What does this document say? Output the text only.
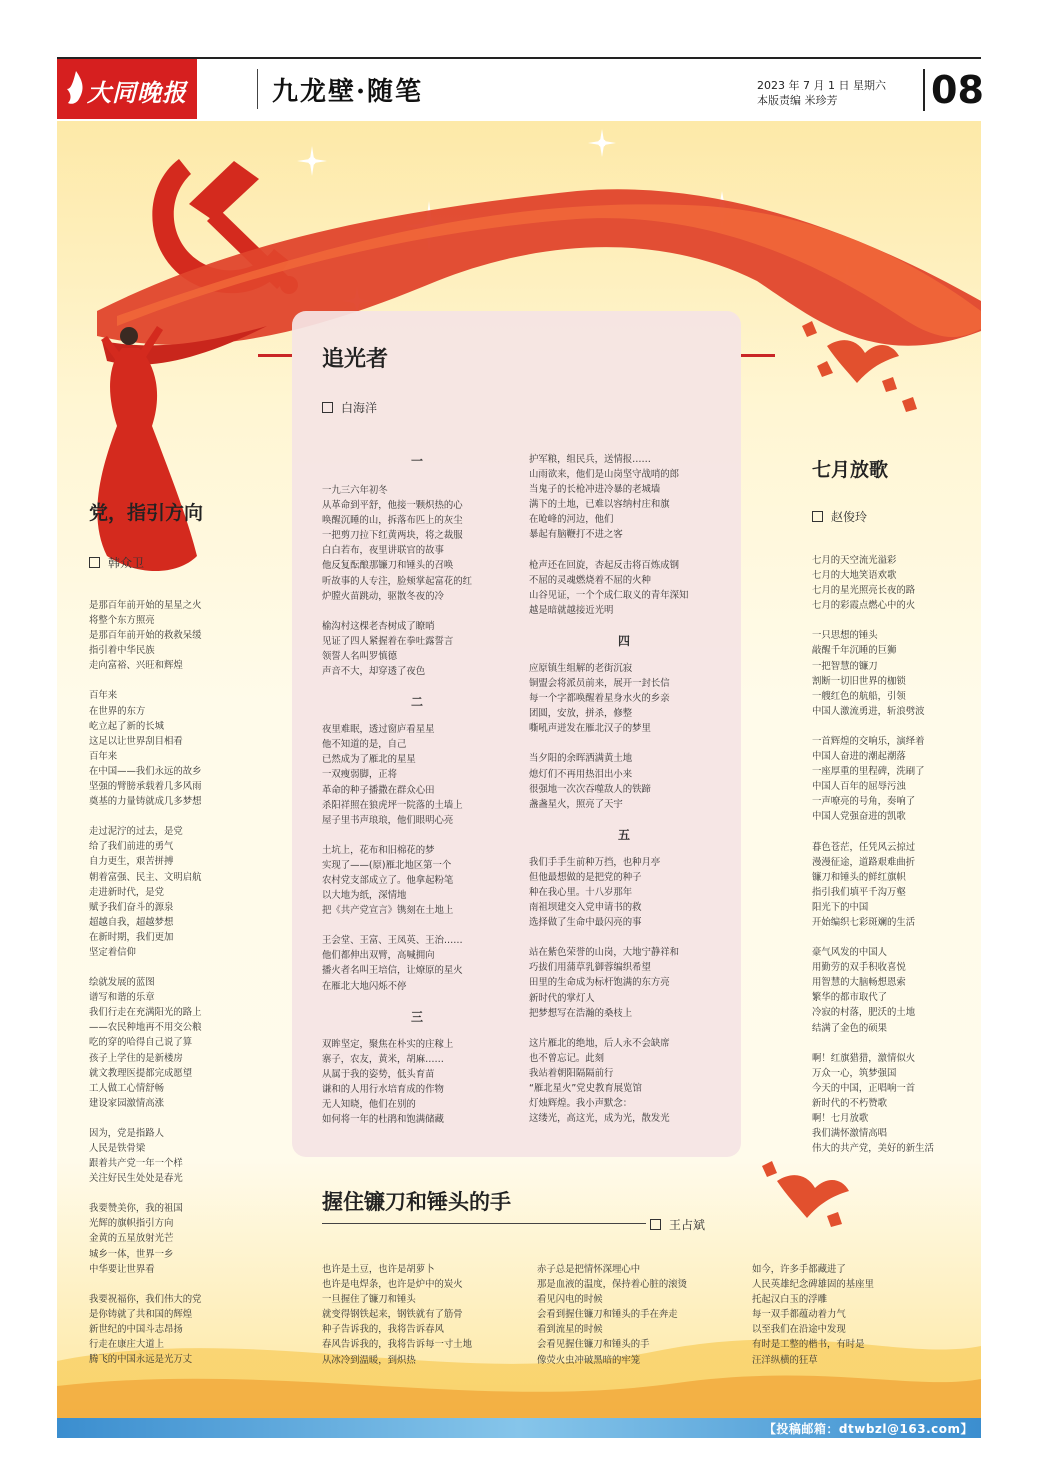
大同晚报	九龙壁·随笔	2023 年 7 月 1 日 星期六
本版责编 米珍芳 08
【投稿邮箱：dtwbzl@163.com】
追光者
白海洋
一
一九三六年初冬
从革命到平舒，他接一颗炽热的心
唤醒沉睡的山，拆落布匹上的灰尘
一把剪刀拉下红黄两块，将之裁服
白白若布，夜里讲联官的故事
他反复酝酿那镰刀和锤头的召唤
听故事的人专注，脸颊掌起富花的红
炉膛火苗跳动，驱散冬夜的冷
榆沟村这棵老杏树成了瞭哨
见证了四人紧握着在拳吐露誓言
领誓人名叫罗慎德
声音不大，却穿透了夜色
二
夜里难眠，透过窗庐看星星
他不知道的是，自己
已然成为了雁北的星星
一双瘦弱脚，正将
革命的种子播撒在群众心田
杀阳祥照在狼虎坪一院落的土墙上
屋子里书声琅琅，他们眼明心亮
土坑上，花布和旧棉花的梦
实现了——(原)雁北地区第一个
农村党支部成立了。他拿起粉笔
以大地为纸，深情地
把《共产党宣言》镌刻在土地上
王会堂、王富、王凤英、王治……
他们都伸出双臂，高喊拥向
播火者名叫王培信，让燎原的星火
在雁北大地闪烁不停
三
双眸坚定，聚焦在朴实的庄稼上
寨子，农友，黄米，胡麻……
从属于我的姿势，低头育苗
谦和的人用行水培育成的作物
无人知晓，他们在别的
如何将一年的杜鹃和饱满储藏
护军粮，组民兵，送情报……
山雨欲来，他们是山岗坚守战哨的郎
当鬼子的长枪冲进冷暴的老城墙
满下的土地，已难以容纳村庄和旗
在呛峰的河边，他们
暴起有脑鞭打不进之客
枪声还在回旋，杏起反击将百炼成钢
不屈的灵魂燃烧着不屈的火种
山谷见证，一个个成仁取义的青年深知
越是暗就越接近光明
四
应原镇生组解的老街沉寂
铜盟会将派员前来，展开一封长信
每一个字都唤醒着星身水火的乡亲
团圆，安放，拼杀，修整
嘶吼声迸发在雁北汉子的梦里
当夕阳的余晖洒满黄土地
熄灯们不再用热泪出小来
很强地一次次吞噬敌人的铁蹄
盏盏星火，照亮了天宇
五
我们手手生前种万挡，也种月亭
但他最想做的是把党的种子
种在我心里。十八岁那年
南祖坝建交入党申请书的救
选择做了生命中最闪亮的事
站在紫色荣誉的山岗，大地宁静祥和
巧拔们用蒲草乳御蓉编织希望
田里的生命成为标杆饱满的东方亮
新时代的掌灯人
把梦想写在浩瀚的桑枝上
这片雁北的绝地，后人永不会缺席
也不曾忘记。此刻
我站着朝阳隔隔前行
“雁北星火”党史教育展览馆
灯烛辉煌。我小声默念：
这缕光，高这光，成为光，散发光
党，指引方向
韩众卫
是那百年前开始的星星之火
将整个东方照亮
是那百年前开始的救救呆缓
指引着中华民族
走向富裕、兴旺和辉煌
百年来
在世界的东方
屹立起了新的长城
这足以让世界刮目相看
百年来
在中国——我们永远的故乡
坚强的臂膀承载着几多风雨
奠基的力量铸就成几多梦想
走过泥泞的过去，是党
给了我们前进的勇气
自力更生，艰苦拼搏
朝着富强、民主、文明启航
走进新时代，是党
赋予我们奋斗的源泉
超越自我，超越梦想
在新时期，我们更加
坚定着信仰
绘就发展的蓝图
谱写和谐的乐章
我们行走在充满阳光的路上
——农民种地再不用交公粮
吃的穿的哈得自己说了算
孩子上学住的是新楼房
就文教理医提都完成愿望
工人做工心情舒畅
建设家园激情高涨
因为，党是指路人
人民是铁骨梁
跟着共产党一年一个样
关注好民生处处是春光
我要赞美你，我的祖国
光辉的旗帜指引方向
金黄的五星放射光芒
城乡一体，世界一乡
中华要让世界看
我要祝福你，我们伟大的党
是你铸就了共和国的辉煌
新世纪的中国斗志昂扬
行走在康庄大道上
腾飞的中国永远是光万丈
七月放歌
赵俊玲
七月的天空流光溢彩
七月的大地笑语欢歌
七月的星光照亮长夜的路
七月的彩霞点燃心中的火
一只思想的锤头
敲醒千年沉睡的巨狮
一把智慧的镰刀
割断一切旧世界的枷锁
一艘红色的航船，引领
中国人激流勇进，斩浪劈波
一首辉煌的交响乐，演绎着
中国人奋进的潮起潮落
一座厚重的里程碑，洗刷了
中国人百年的屈辱污浊
一声嘹亮的号角，奏响了
中国人党强奋进的凯歌
暮色苍茫，任凭风云掠过
漫漫征途，道路艰难曲折
镰刀和锤头的鲜红旗帜
指引我们填平千沟万壑
阳光下的中国
开始编织七彩斑斓的生活
豪气风发的中国人
用勤劳的双手积收喜悦
用智慧的大脑畅想恩索
繁华的都市取代了
冷寂的村落，肥沃的土地
结满了金色的硕果
啊！红旗猎猎，激情似火
万众一心，筑梦强国
今天的中国，正唱响一首
新时代的不朽赞歌
啊！七月放歌
我们满怀激情高唱
伟大的共产党，美好的新生活
握住镰刀和锤头的手
王占斌
也许是土豆，也许是胡萝卜
也许是电焊条，也许是炉中的炭火
一旦握住了镰刀和锤头
就变得钢铁起来，钢铁就有了筋骨
种子告诉我的，我将告诉春风
春风告诉我的，我将告诉每一寸土地
从冰冷到温暖，到炽热
赤子总是把情怀深埋心中
那是血液的温度，保持着心脏的滚烫
看见闪电的时候
会看到握住镰刀和锤头的手在奔走
看到流星的时候
会看见握住镰刀和锤头的手
像荧火虫冲破黑暗的牢笼
如今，许多手都藏进了
人民英雄纪念碑雄固的基座里
托起汉白玉的浮雕
每一双手都蕴动着力气
以至我们在沿途中发现
有时是工整的楷书，有时是
汪洋纵横的狂草
